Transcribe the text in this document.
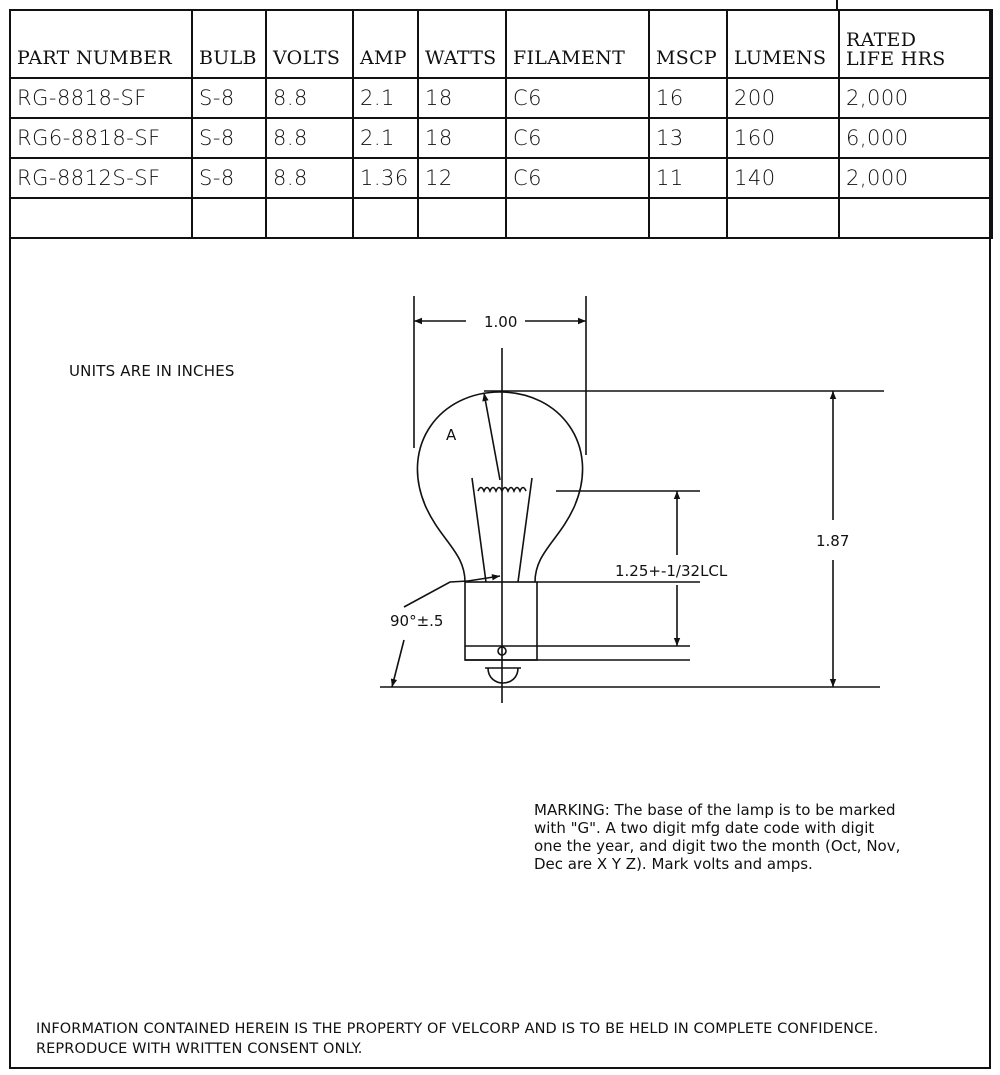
PART NUMBER	BULB	VOLTS	AMP	WATTS	FILAMENT	MSCP	LUMENS	RATED
LIFE HRS

RG-8818-SF	S-8	8.8	2.1	18	C6	16	200	2,000
RG6-8818-SF	S-8	8.8	2.1	18	C6	13	160	6,000
RG-8812S-SF	S-8	8.8	1.36	12	C6	11	140	2,000

UNITS ARE IN INCHES
1.00
1.87
1.25+-1/32LCL
90°±.5
A
MARKING: The base of the lamp is to be marked
with "G". A two digit mfg date code with digit
one the year, and digit two the month (Oct, Nov,
Dec are X Y Z). Mark volts and amps.
INFORMATION CONTAINED HEREIN IS THE PROPERTY OF VELCORP AND IS TO BE HELD IN COMPLETE CONFIDENCE.
REPRODUCE WITH WRITTEN CONSENT ONLY.
